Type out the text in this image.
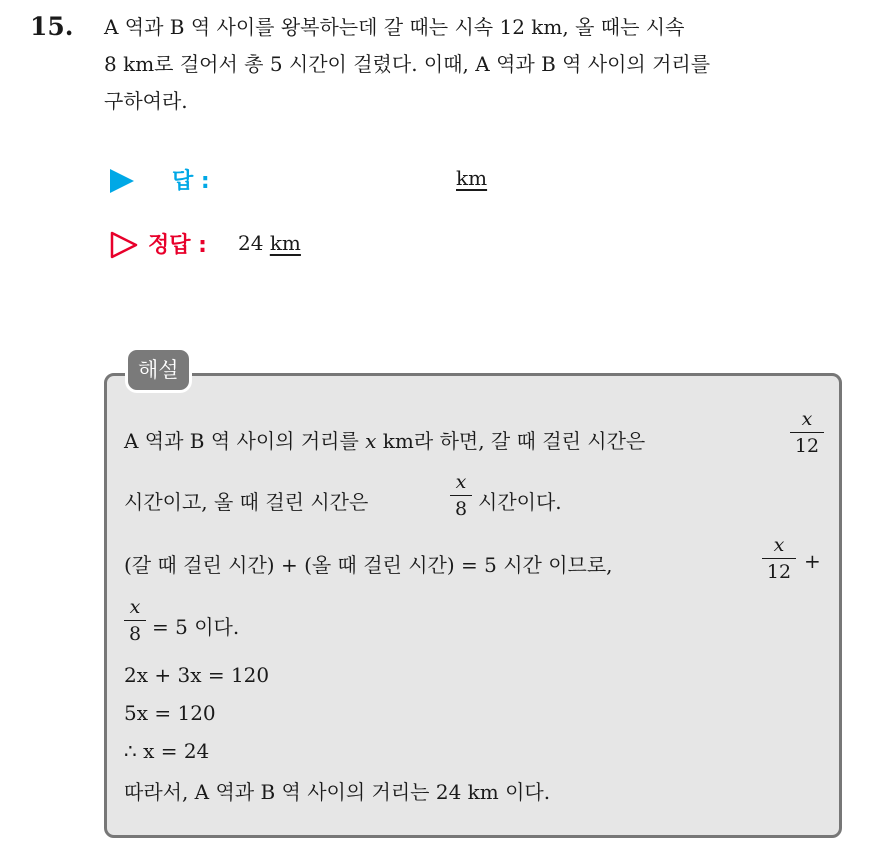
15. A 역과 B 역 사이를 왕복하는데 갈 때는 시속 12 km, 올 때는 시속
8 km로 걸어서 총 5 시간이 걸렸다. 이때, A 역과 B 역 사이의 거리를
구하여라.
답 :	km
정답 : 24 km
해설
A 역과 B 역 사이의 거리를 x km라 하면, 갈 때 걸린 시간은
x
12
시간이고, 올 때 걸린 시간은
x
8 시간이다.
(갈 때 걸린 시간) + (올 때 걸린 시간) = 5 시간 이므로,
x
12 +
x
8 = 5 이다.
2x + 3x = 120
5x = 120
∴ x = 24
따라서, A 역과 B 역 사이의 거리는 24 km 이다.
